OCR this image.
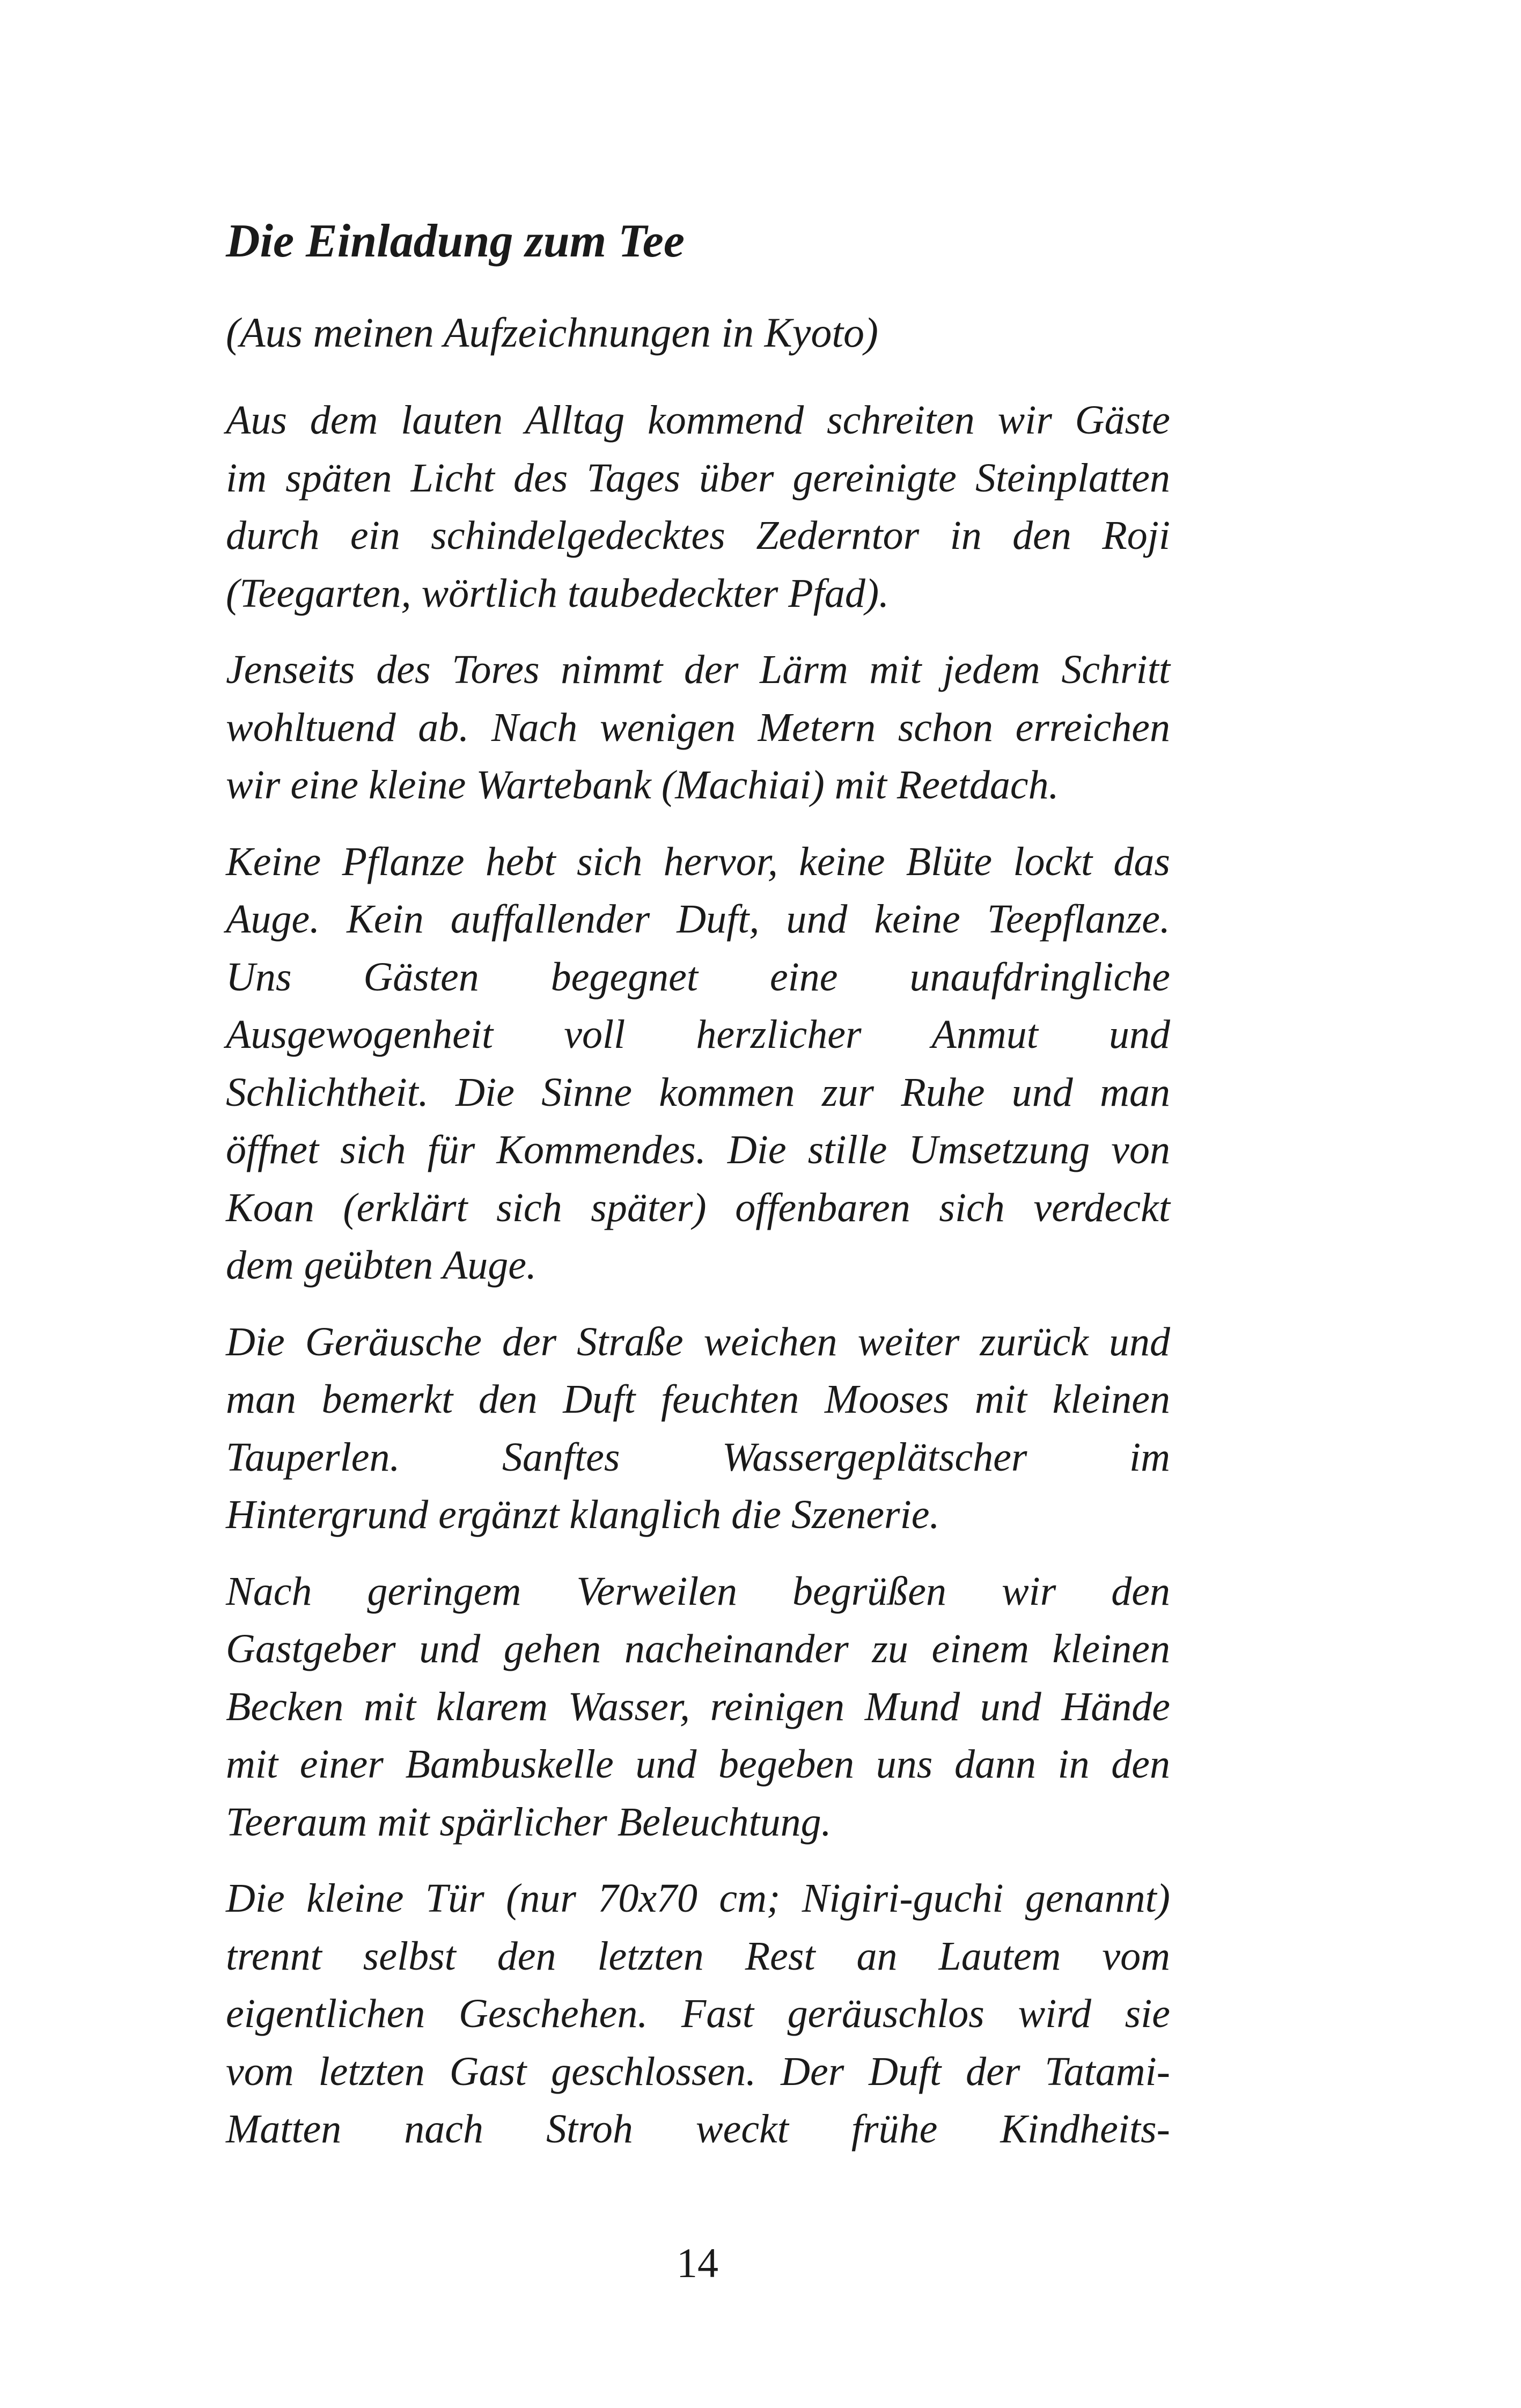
Die Einladung zum Tee

(Aus meinen Aufzeichnungen in Kyoto)

Aus dem lauten Alltag kommend schreiten wir Gäste
im späten Licht des Tages über gereinigte Steinplatten
durch ein schindelgedecktes Zederntor in den Roji
(Teegarten, wörtlich taubedeckter Pfad).
Jenseits des Tores nimmt der Lärm mit jedem Schritt
wohltuend ab. Nach wenigen Metern schon erreichen
wir eine kleine Wartebank (Machiai) mit Reetdach.
Keine Pflanze hebt sich hervor, keine Blüte lockt das
Auge. Kein auffallender Duft, und keine Teepflanze.
Uns Gästen begegnet eine unaufdringliche
Ausgewogenheit voll herzlicher Anmut und
Schlichtheit. Die Sinne kommen zur Ruhe und man
öffnet sich für Kommendes. Die stille Umsetzung von
Koan (erklärt sich später) offenbaren sich verdeckt
dem geübten Auge.
Die Geräusche der Straße weichen weiter zurück und
man bemerkt den Duft feuchten Mooses mit kleinen
Tauperlen. Sanftes Wassergeplätscher im
Hintergrund ergänzt klanglich die Szenerie.
Nach geringem Verweilen begrüßen wir den
Gastgeber und gehen nacheinander zu einem kleinen
Becken mit klarem Wasser, reinigen Mund und Hände
mit einer Bambuskelle und begeben uns dann in den
Teeraum mit spärlicher Beleuchtung.
Die kleine Tür (nur 70x70 cm; Nigiri-guchi genannt)
trennt selbst den letzten Rest an Lautem vom
eigentlichen Geschehen. Fast geräuschlos wird sie
vom letzten Gast geschlossen. Der Duft der Tatami-
Matten nach Stroh weckt frühe Kindheits-
14
